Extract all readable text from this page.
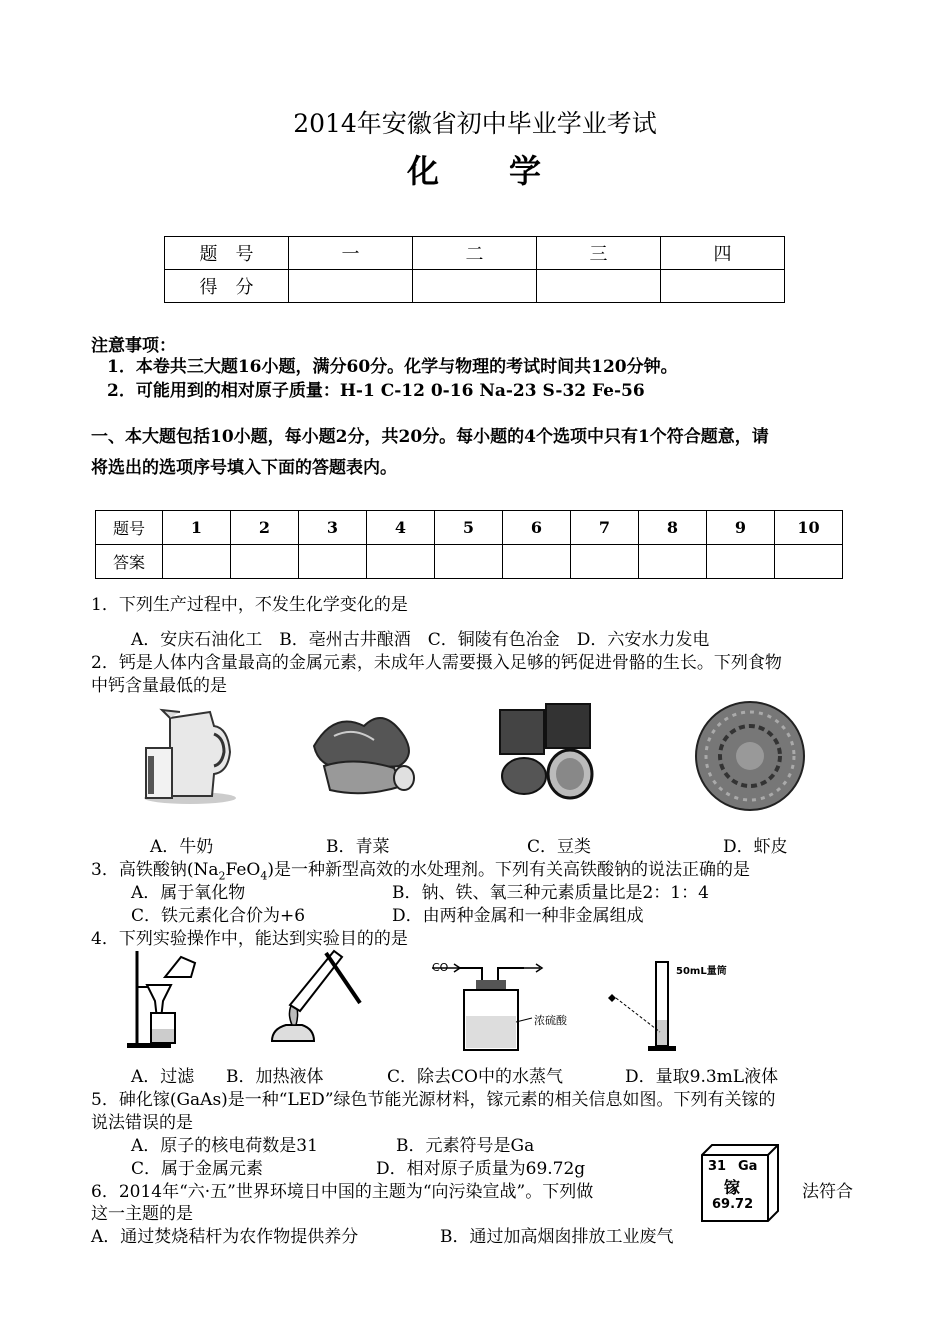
2014年安徽省初中毕业学业考试
化　　学
题　号	一	二	三	四
得　分				
注意事项：
1．本卷共三大题16小题，满分60分。化学与物理的考试时间共120分钟。
2．可能用到的相对原子质量：H-1 C-12 0-16 Na-23 S-32 Fe-56
一、本大题包括10小题，每小题2分，共20分。每小题的4个选项中只有1个符合题意，请
将选出的选项序号填入下面的答题表内。
题号	1	2	3	4	5	6	7	8	9	10
答案										
1．下列生产过程中，不发生化学变化的是
A．安庆石油化工　B．亳州古井酿酒　C．铜陵有色冶金　D．六安水力发电
2．钙是人体内含量最高的金属元素，未成年人需要摄入足够的钙促进骨骼的生长。下列食物
中钙含量最低的是
A．牛奶	B．青菜	C．豆类	D．虾皮
3．高铁酸钠$(Na_2FeO_4)$是一种新型高效的水处理剂。下列有关高铁酸钠的说法正确的是
A．属于氧化物	B．钠、铁、氧三种元素质量比是2：1：4
C．铁元素化合价为+6	D．由两种金属和一种非金属组成
4．下列实验操作中，能达到实验目的的是
CO
浓硫酸
50mL量筒
A．过滤 B．加热液体	C．除去CO中的水蒸气	D．量取9.3mL液体
5．砷化镓(GaAs)是一种“LED”绿色节能光源材料，镓元素的相关信息如图。下列有关镓的
说法错误的是
A．原子的核电荷数是31	B．元素符号是Ga
C．属于金属元素	D．相对原子质量为69.72g	31 Ga
镓
69.72
6．2014年“六·五”世界环境日中国的主题为“向污染宣战”。下列做	法符合
这一主题的是
A．通过焚烧秸杆为农作物提供养分	B．通过加高烟囱排放工业废气
